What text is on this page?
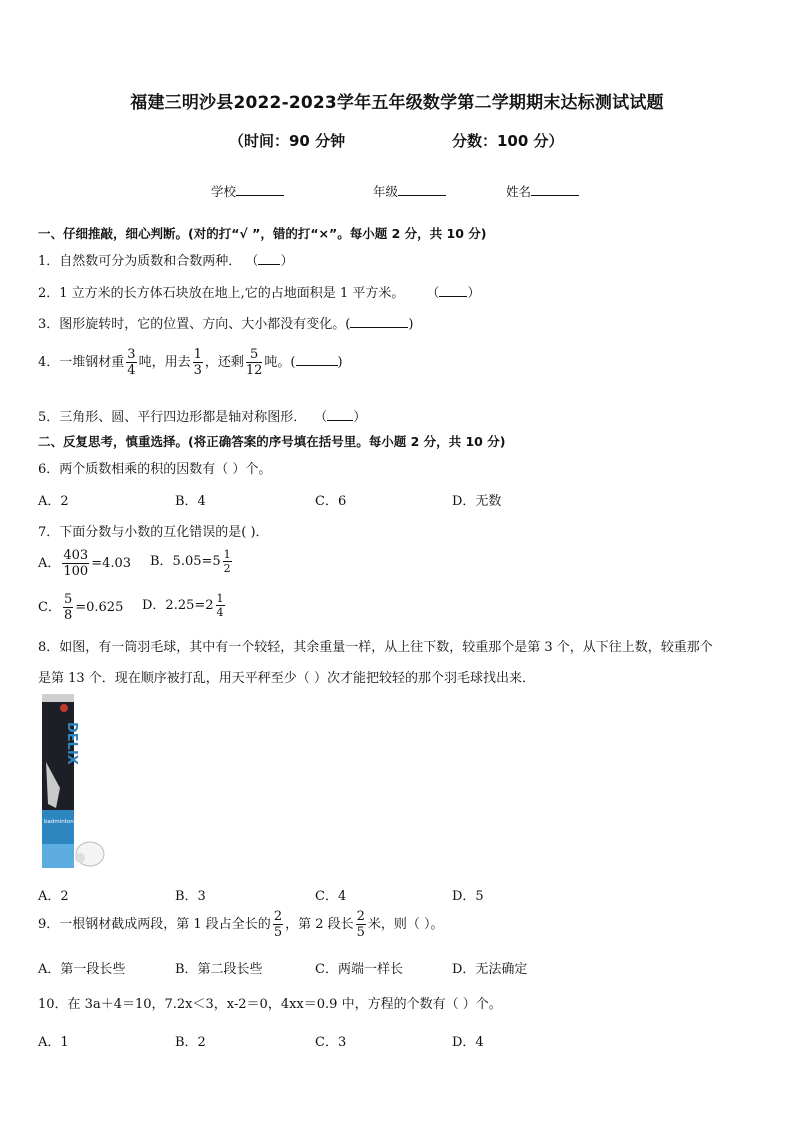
福建三明沙县2022-2023学年五年级数学第二学期期末达标测试试题
（时间：90 分钟	分数：100 分）
学校	年级	姓名
一、仔细推敲，细心判断。(对的打“√ ”，错的打“×”。每小题 2 分，共 10 分)
1．自然数可分为质数和合数两种． （ ）
2．1 立方米的长方体石块放在地上,它的占地面积是 1 平方米。 （ ）
3．图形旋转时，它的位置、方向、大小都没有变化。(	)
4．一堆钢材重 $\frac{3}{4}$ 吨，用去 $\frac{1}{3}$ ，还剩 $\frac{5}{12}$ 吨。(	)
5．三角形、圆、平行四边形都是轴对称图形． （ ）
二、反复思考，慎重选择。(将正确答案的序号填在括号里。每小题 2 分，共 10 分)
6．两个质数相乘的积的因数有（ ）个。
A．2	B．4	C．6	D．无数
7．下面分数与小数的互化错误的是( )．
A． $\frac{403}{100} =4.03$ B．$5.05=5 \frac{1}{2}$
C． $\frac{5}{8} =0.625$ D．$2.25=2 \frac{1}{4}$
8．如图，有一筒羽毛球，其中有一个较轻，其余重量一样，从上往下数，较重那个是第 3 个，从下往上数，较重那个
是第 13 个．现在顺序被打乱，用天平秤至少（ ）次才能把较轻的那个羽毛球找出来．
DELIX
badminton
A．2	B．3	C．4	D．5
9．一根钢材截成两段，第 1 段占全长的 $\frac{2}{5}$ ，第 2 段长 $\frac{2}{5}$ 米，则（ ）。
A．第一段长些	B．第二段长些	C．两端一样长	D．无法确定
10．在 3a＋4＝10，7.2x＜3，x-2＝0，4xx＝0.9 中，方程的个数有（ ）个。
A．1	B．2	C．3	D．4
